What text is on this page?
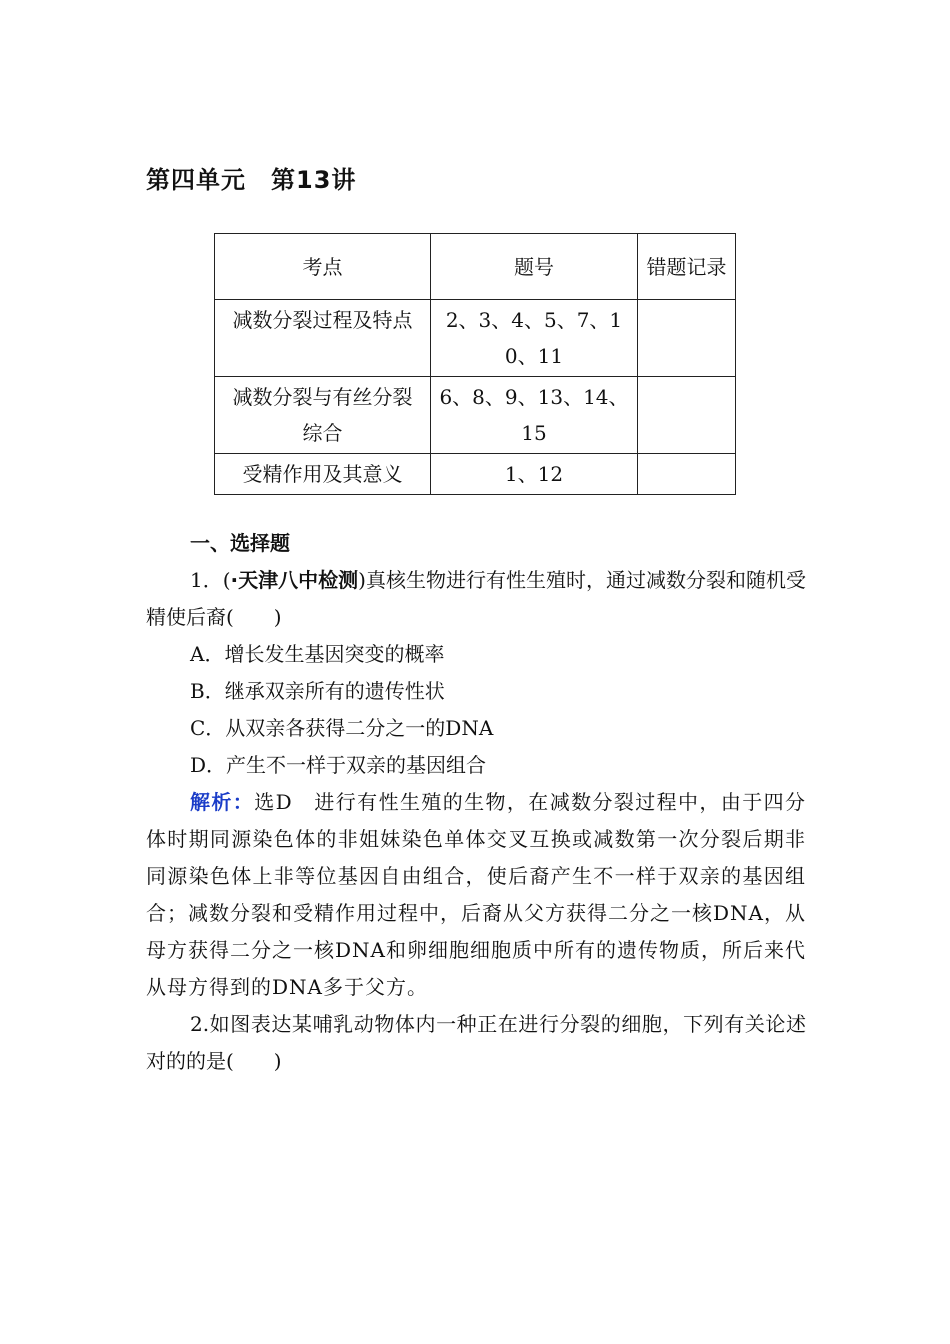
第四单元　第13讲
考点	题号	错题记录
减数分裂过程及特点	2、3、4、5、7、10、11	
减数分裂与有丝分裂综合	6、8、9、13、14、15	
受精作用及其意义	1、12	

一、选择题

1．(·天津八中检测)真核生物进行有性生殖时，通过减数分裂和随机受精使后裔(　　)

A．增长发生基因突变的概率

B．继承双亲所有的遗传性状

C．从双亲各获得二分之一的DNA

D．产生不一样于双亲的基因组合

解析：选D　进行有性生殖的生物，在减数分裂过程中，由于四分体时期同源染色体的非姐妹染色单体交叉互换或减数第一次分裂后期非同源染色体上非等位基因自由组合，使后裔产生不一样于双亲的基因组合；减数分裂和受精作用过程中，后裔从父方获得二分之一核DNA，从母方获得二分之一核DNA和卵细胞细胞质中所有的遗传物质，所后来代从母方得到的DNA多于父方。

2.如图表达某哺乳动物体内一种正在进行分裂的细胞，下列有关论述对的的是(　　)
